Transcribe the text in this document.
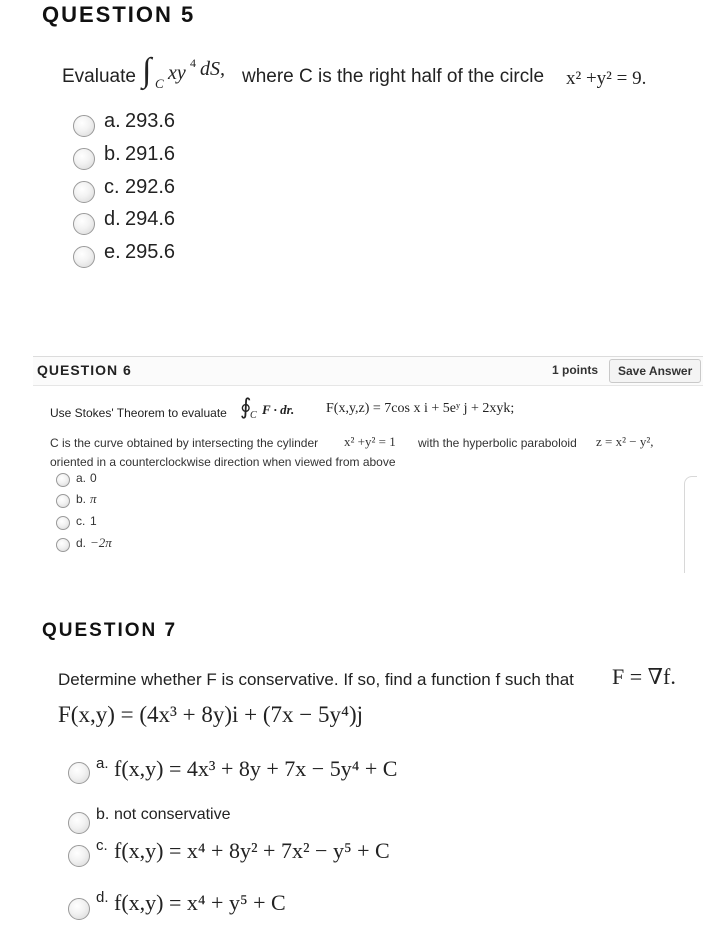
QUESTION 5
Evaluate ∫ C xy 4 dS, where C is the right half of the circle x² +y² = 9.
a. 293.6
b. 291.6
c. 292.6
d. 294.6
e. 295.6
QUESTION 6	1 points	Save Answer
Use Stokes' Theorem to evaluate ∮
C F · dr. F(x,y,z) = 7cos x i + 5eʸ j + 2xyk;
C is the curve obtained by intersecting the cylinder x² +y² = 1 with the hyperbolic paraboloid z = x² − y²,
oriented in a counterclockwise direction when viewed from above
a. 0
b. π
c. 1
d. −2π
QUESTION 7
Determine whether F is conservative. If so, find a function f such that F = ∇f.
F(x,y) = (4x³ + 8y)i + (7x − 5y⁴)j
a. f(x,y) = 4x³ + 8y + 7x − 5y⁴ + C
b. not conservative
c. f(x,y) = x⁴ + 8y² + 7x² − y⁵ + C
d. f(x,y) = x⁴ + y⁵ + C
